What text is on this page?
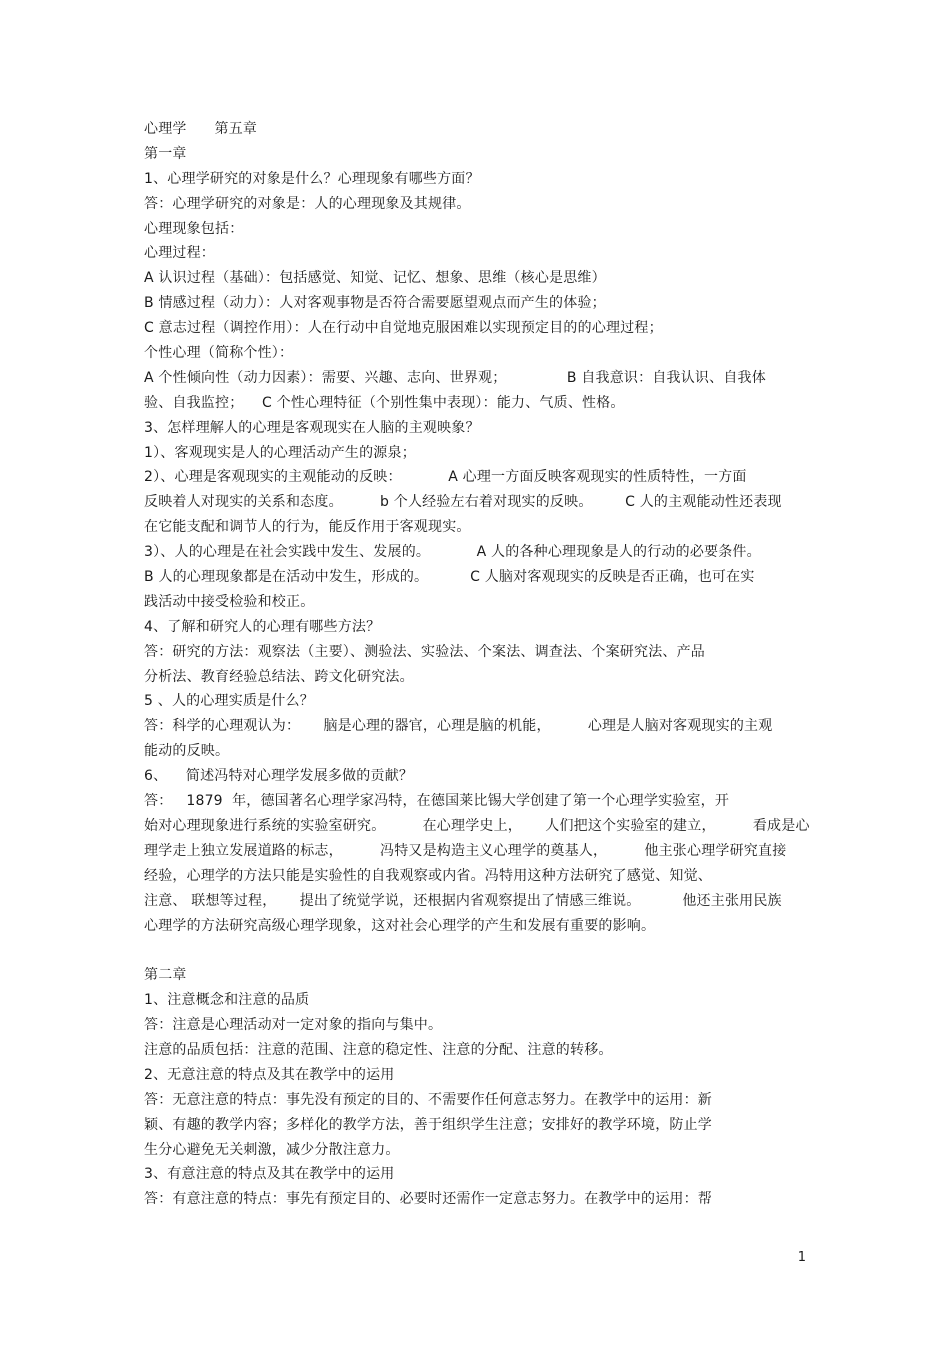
心理学      第五章

第一章

1、心理学研究的对象是什么？心理现象有哪些方面？

答：心理学研究的对象是：人的心理现象及其规律。

心理现象包括：

心理过程：

A 认识过程（基础）：包括感觉、知觉、记忆、想象、思维（核心是思维）

B 情感过程（动力）：人对客观事物是否符合需要愿望观点而产生的体验；

C 意志过程（调控作用）：人在行动中自觉地克服困难以实现预定目的的心理过程；

个性心理（简称个性）：

A 个性倾向性（动力因素）：需要、兴趣、志向、世界观；             B 自我意识：自我认识、自我体

验、自我监控；    C 个性心理特征（个别性集中表现）：能力、气质、性格。

3、怎样理解人的心理是客观现实在人脑的主观映象？

1）、客观现实是人的心理活动产生的源泉；

2）、心理是客观现实的主观能动的反映：          A 心理一方面反映客观现实的性质特性，一方面

反映着人对现实的关系和态度。        b 个人经验左右着对现实的反映。       C 人的主观能动性还表现

在它能支配和调节人的行为，能反作用于客观现实。

3）、人的心理是在社会实践中发生、发展的。          A 人的各种心理现象是人的行动的必要条件。

B 人的心理现象都是在活动中发生，形成的。         C 人脑对客观现实的反映是否正确，也可在实

践活动中接受检验和校正。

4、了解和研究人的心理有哪些方法？

答：研究的方法：观察法（主要）、测验法、实验法、个案法、调查法、个案研究法、产品

分析法、教育经验总结法、跨文化研究法。

5 、人的心理实质是什么？

答：科学的心理观认为：     脑是心理的器官，心理是脑的机能，        心理是人脑对客观现实的主观

能动的反映。

6、    简述冯特对心理学发展多做的贡献？

答：   1879  年，德国著名心理学家冯特，在德国莱比锡大学创建了第一个心理学实验室，开

始对心理现象进行系统的实验室研究。        在心理学史上，     人们把这个实验室的建立，        看成是心

理学走上独立发展道路的标志，        冯特又是构造主义心理学的奠基人，        他主张心理学研究直接

经验，心理学的方法只能是实验性的自我观察或内省。冯特用这种方法研究了感觉、知觉、

注意、 联想等过程，     提出了统觉学说，还根据内省观察提出了情感三维说。         他还主张用民族

心理学的方法研究高级心理学现象，这对社会心理学的产生和发展有重要的影响。

第二章

1、注意概念和注意的品质

答：注意是心理活动对一定对象的指向与集中。

注意的品质包括：注意的范围、注意的稳定性、注意的分配、注意的转移。

2、无意注意的特点及其在教学中的运用

答：无意注意的特点：事先没有预定的目的、不需要作任何意志努力。在教学中的运用：新

颖、有趣的教学内容；多样化的教学方法，善于组织学生注意；安排好的教学环境，防止学

生分心避免无关刺激，减少分散注意力。

3、有意注意的特点及其在教学中的运用

答：有意注意的特点：事先有预定目的、必要时还需作一定意志努力。在教学中的运用：帮

1
